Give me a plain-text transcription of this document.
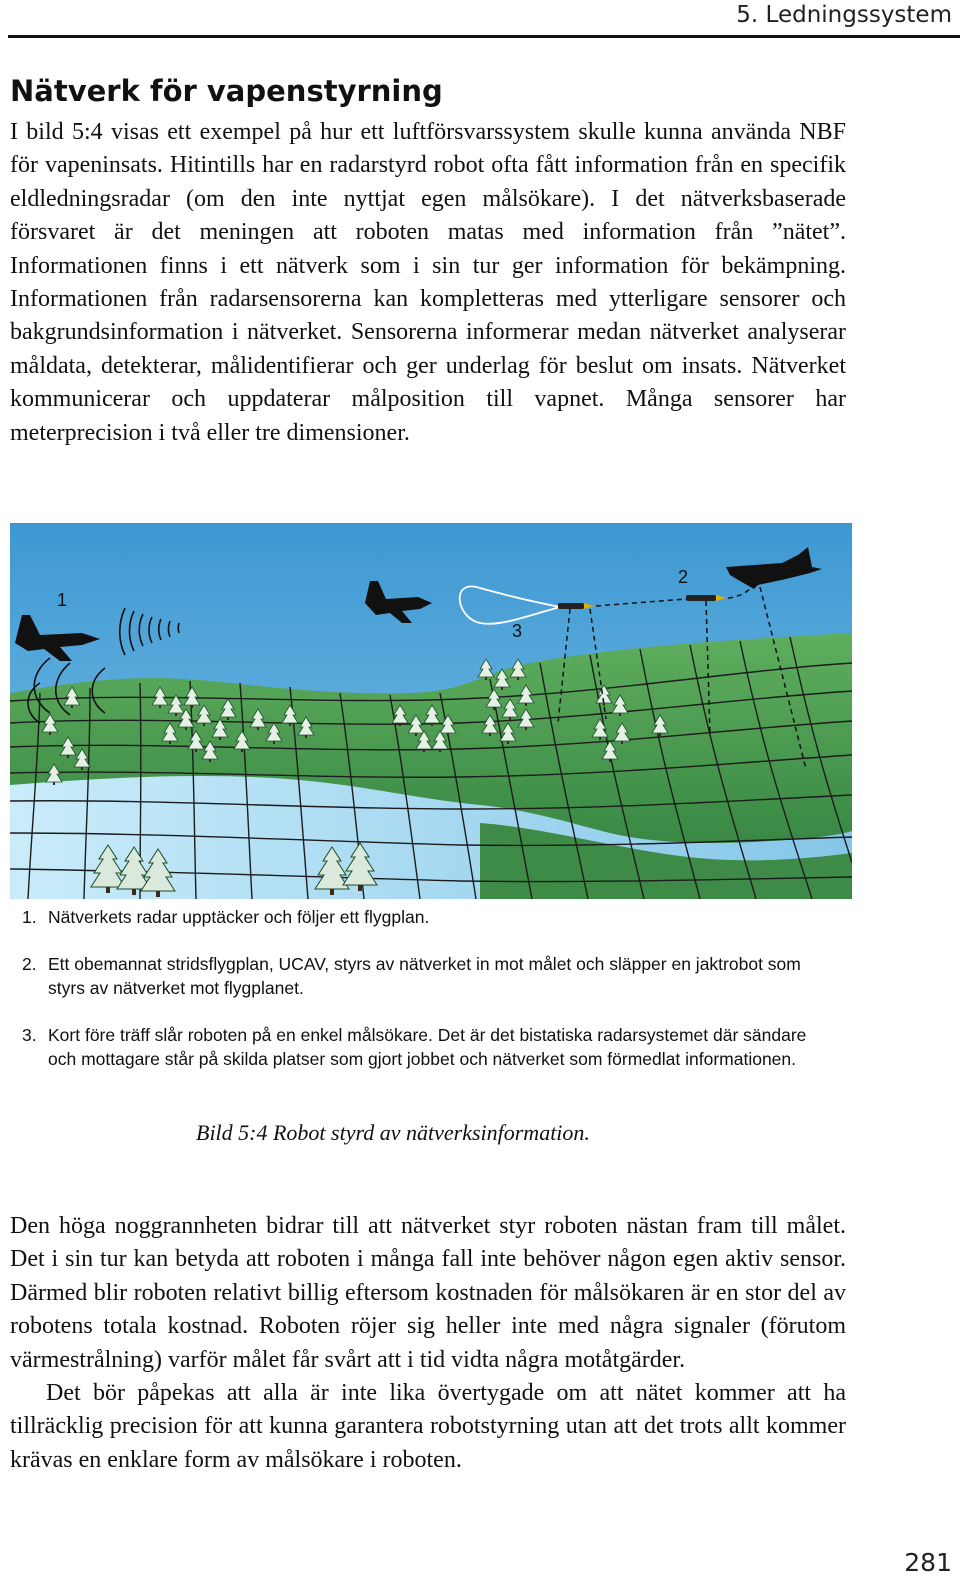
5. Ledningssystem
Nätverk för vapenstyrning

I bild 5:4 visas ett exempel på hur ett luftförsvarssystem skulle kunna använda NBF för vapeninsats. Hitintills har en radarstyrd robot ofta fått information från en specifik eldledningsradar (om den inte nyttjat egen målsökare). I det nätverksbaserade försvaret är det meningen att roboten matas med information från ”nätet”. Informationen finns i ett nätverk som i sin tur ger information för bekämpning. Informationen från radarsensorerna kan kompletteras med ytterligare sensorer och bakgrundsinformation i nätverket. Sensorerna informerar medan nätverket analyserar måldata, detekterar, målidentifierar och ger underlag för beslut om insats. Nätverket kommunicerar och uppdaterar målposition till vapnet. Många sensorer har meterprecision i två eller tre dimensioner.

1
2
3
1. Nätverkets radar upptäcker och följer ett flygplan.
2. Ett obemannat stridsflygplan, UCAV, styrs av nätverket in mot målet och släpper en jaktrobot som styrs av nätverket mot flygplanet.
3. Kort före träff slår roboten på en enkel målsökare. Det är det bistatiska radarsystemet där sändare och mottagare står på skilda platser som gjort jobbet och nätverket som förmedlat informationen.
Bild 5:4 Robot styrd av nätverksinformation.

Den höga noggrannheten bidrar till att nätverket styr roboten nästan fram till målet. Det i sin tur kan betyda att roboten i många fall inte behöver någon egen aktiv sensor. Därmed blir roboten relativt billig eftersom kostnaden för målsökaren är en stor del av robotens totala kostnad. Roboten röjer sig heller inte med några signaler (förutom värmestrålning) varför målet får svårt att i tid vidta några motåtgärder.

Det bör påpekas att alla är inte lika övertygade om att nätet kommer att ha tillräcklig precision för att kunna garantera robotstyrning utan att det trots allt kommer krävas en enklare form av målsökare i roboten.

281
